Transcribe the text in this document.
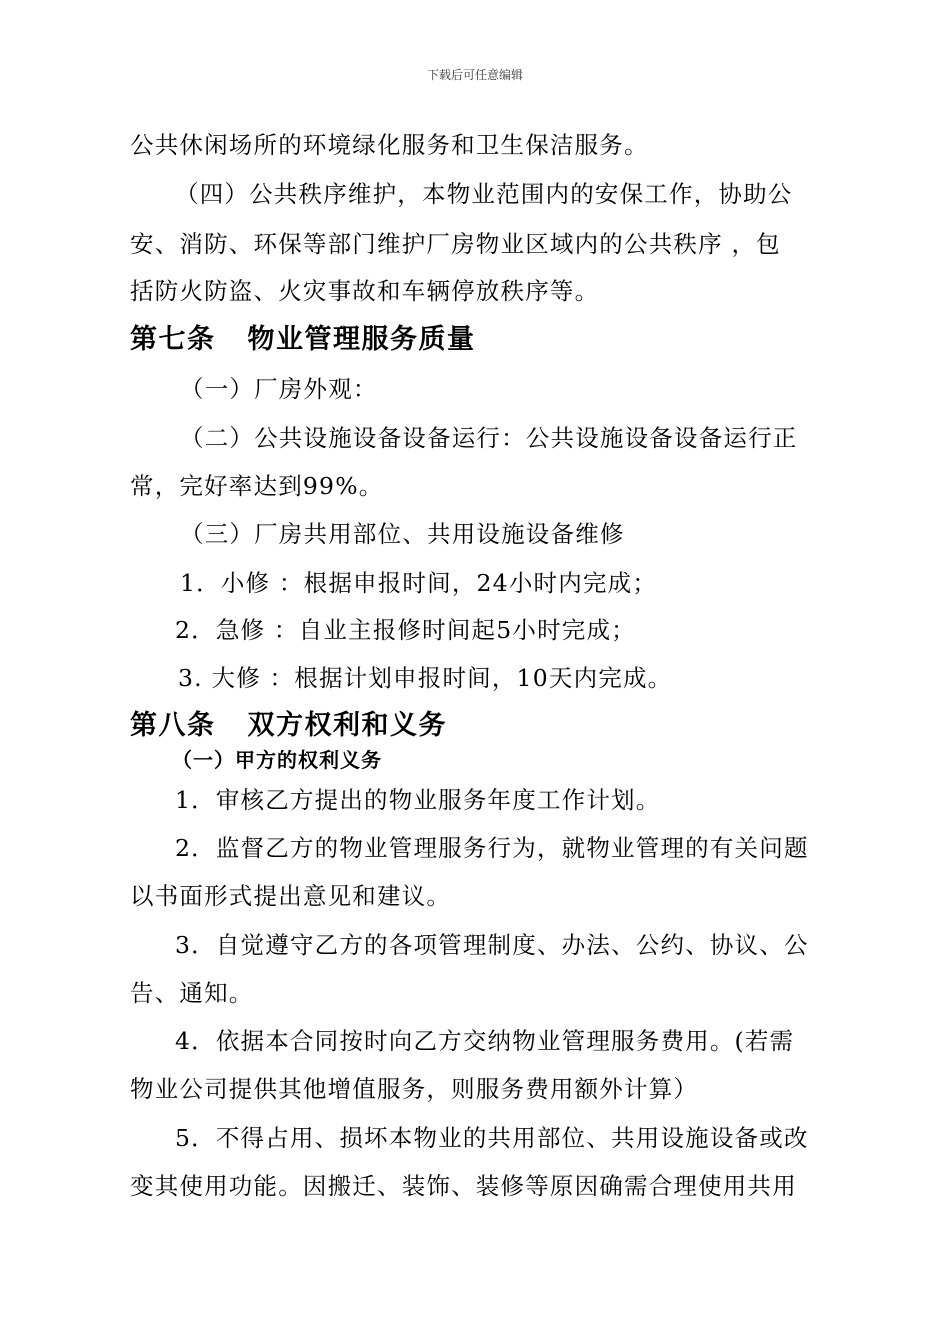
下载后可任意编辑
公共休闲场所的环境绿化服务和卫生保洁服务。
（四）公共秩序维护，本物业范围内的安保工作，协助公
安、消防、环保等部门维护厂房物业区域内的公共秩序 ，包
括防火防盗、火灾事故和车辆停放秩序等。
第七条 物业管理服务质量
（一）厂房外观：
（二）公共设施设备设备运行：公共设施设备设备运行正
常，完好率达到99%。
（三）厂房共用部位、共用设施设备维修
1．小修 ：根据申报时间，24小时内完成；
2．急修 ：自业主报修时间起5小时完成；
3. 大修 ：根据计划申报时间，10天内完成。
第八条 双方权利和义务
（一）甲方的权利义务
1．审核乙方提出的物业服务年度工作计划。
2．监督乙方的物业管理服务行为，就物业管理的有关问题
以书面形式提出意见和建议。
3．自觉遵守乙方的各项管理制度、办法、公约、协议、公
告、通知。
4．依据本合同按时向乙方交纳物业管理服务费用。(若需
物业公司提供其他增值服务，则服务费用额外计算）
5．不得占用、损坏本物业的共用部位、共用设施设备或改
变其使用功能。因搬迁、装饰、装修等原因确需合理使用共用
